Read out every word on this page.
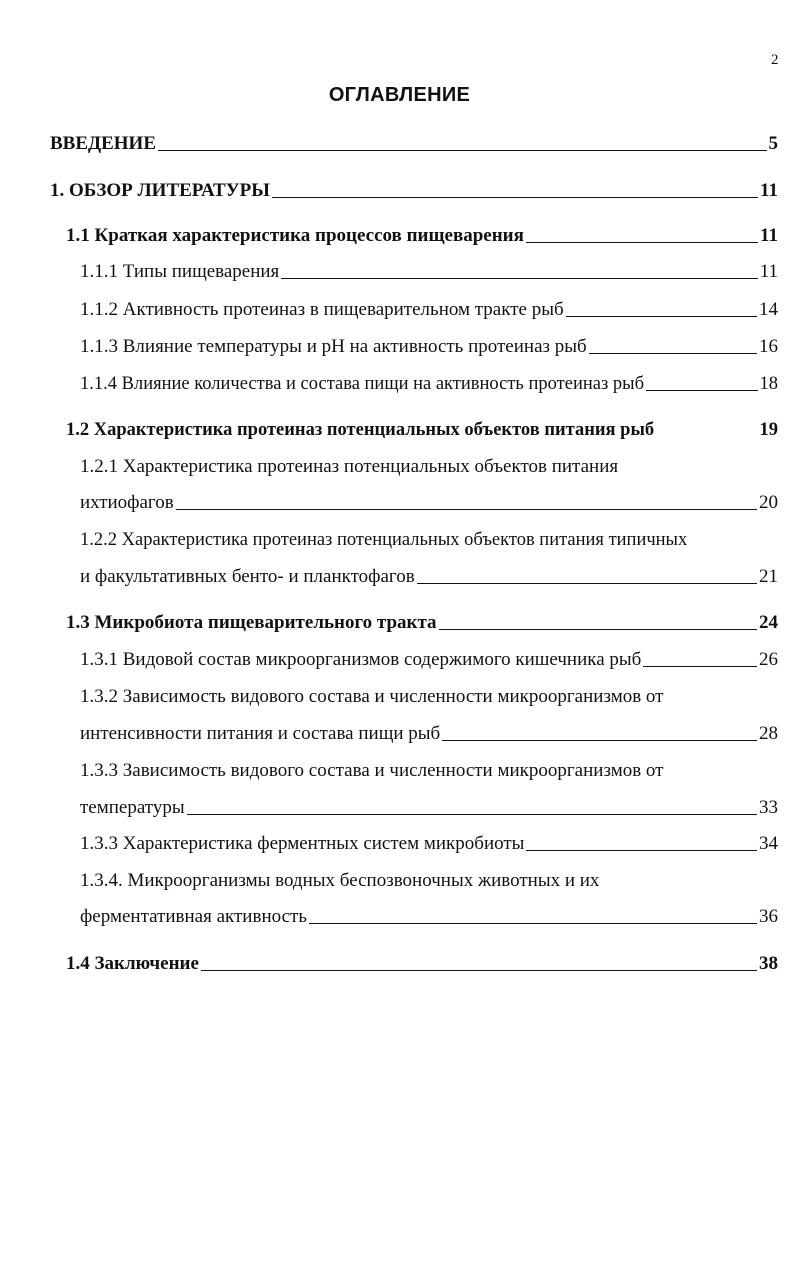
2
ОГЛАВЛЕНИЕ
ВВЕДЕНИЕ	5
1. ОБЗОР ЛИТЕРАТУРЫ	11
1.1 Краткая характеристика процессов пищеварения	11
1.1.1 Типы пищеварения	11
1.1.2 Активность протеиназ в пищеварительном тракте рыб	14
1.1.3 Влияние температуры и pH на активность протеиназ рыб	16
1.1.4 Влияние количества и состава пищи на активность протеиназ рыб	18
1.2 Характеристика протеиназ потенциальных объектов питания рыб	19
1.2.1 Характеристика протеиназ потенциальных объектов питания
ихтиофагов	20
1.2.2 Характеристика протеиназ потенциальных объектов питания типичных
и факультативных бенто- и планктофагов	21
1.3 Микробиота пищеварительного тракта	24
1.3.1 Видовой состав микроорганизмов содержимого кишечника рыб	26
1.3.2 Зависимость видового состава и численности микроорганизмов от
интенсивности питания и состава пищи рыб	28
1.3.3 Зависимость видового состава и численности микроорганизмов от
температуры	33
1.3.3 Характеристика ферментных систем микробиоты	34
1.3.4. Микроорганизмы водных беспозвоночных животных и их
ферментативная активность	36
1.4 Заключение	38
